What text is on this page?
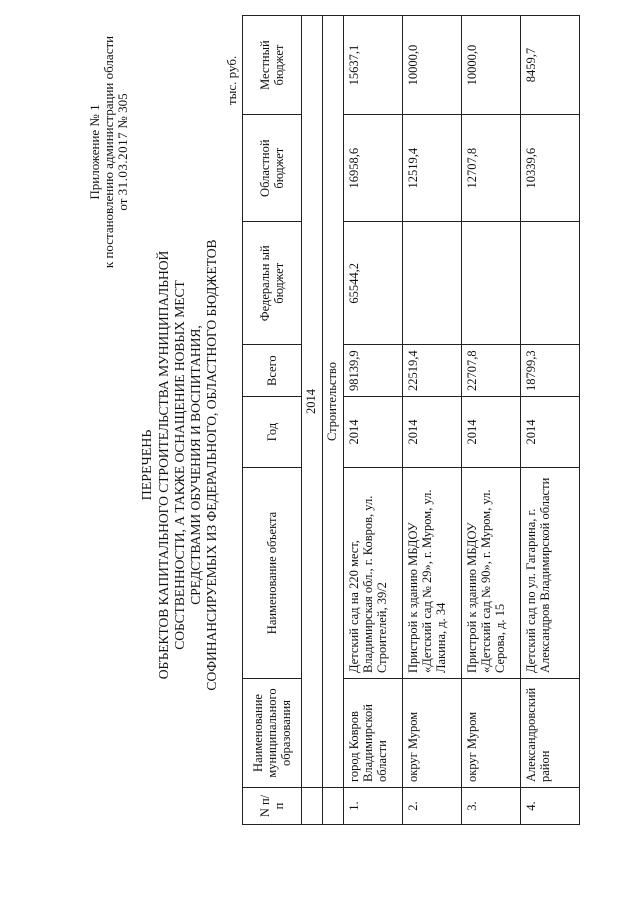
Приложение № 1 к постановлению администрации области от 31.03.2017 № 305
ПЕРЕЧЕНЬ ОБЪЕКТОВ КАПИТАЛЬНОГО СТРОИТЕЛЬСТВА МУНИЦИПАЛЬНОЙ СОБСТВЕННОСТИ, А ТАКЖЕ ОСНАЩЕНИЕ НОВЫХ МЕСТ СРЕДСТВАМИ ОБУЧЕНИЯ И ВОСПИТАНИЯ, СОФИНАНСИРУЕМЫХ ИЗ ФЕДЕРАЛЬНОГО, ОБЛАСТНОГО БЮДЖЕТОВ
тыс. руб.
N п/п	Наименование муниципального образования	Наименование объекта	Год	Всего	Федеральн ый бюджет	Областной бюджет	Местный бюджет
	2014						
	Строительство						
1.	город Ковров Владимирской области	Детский сад на 220 мест, Владимирская обл., г. Ковров, ул. Строителей, 39/2	2014	98139,9	65544,2	16958,6	15637,1
2.	округ Муром	Пристрой к зданию МБДОУ «Детский сад № 29», г. Муром, ул. Лакина, д. 34	2014	22519,4		12519,4	10000,0
3.	округ Муром	Пристрой к зданию МБДОУ «Детский сад № 90», г. Муром, ул. Серова, д. 15	2014	22707,8		12707,8	10000,0
4.	Александровский район	Детский сад по ул. Гагарина, г. Александров Владимирской области	2014	18799,3		10339,6	8459,7
